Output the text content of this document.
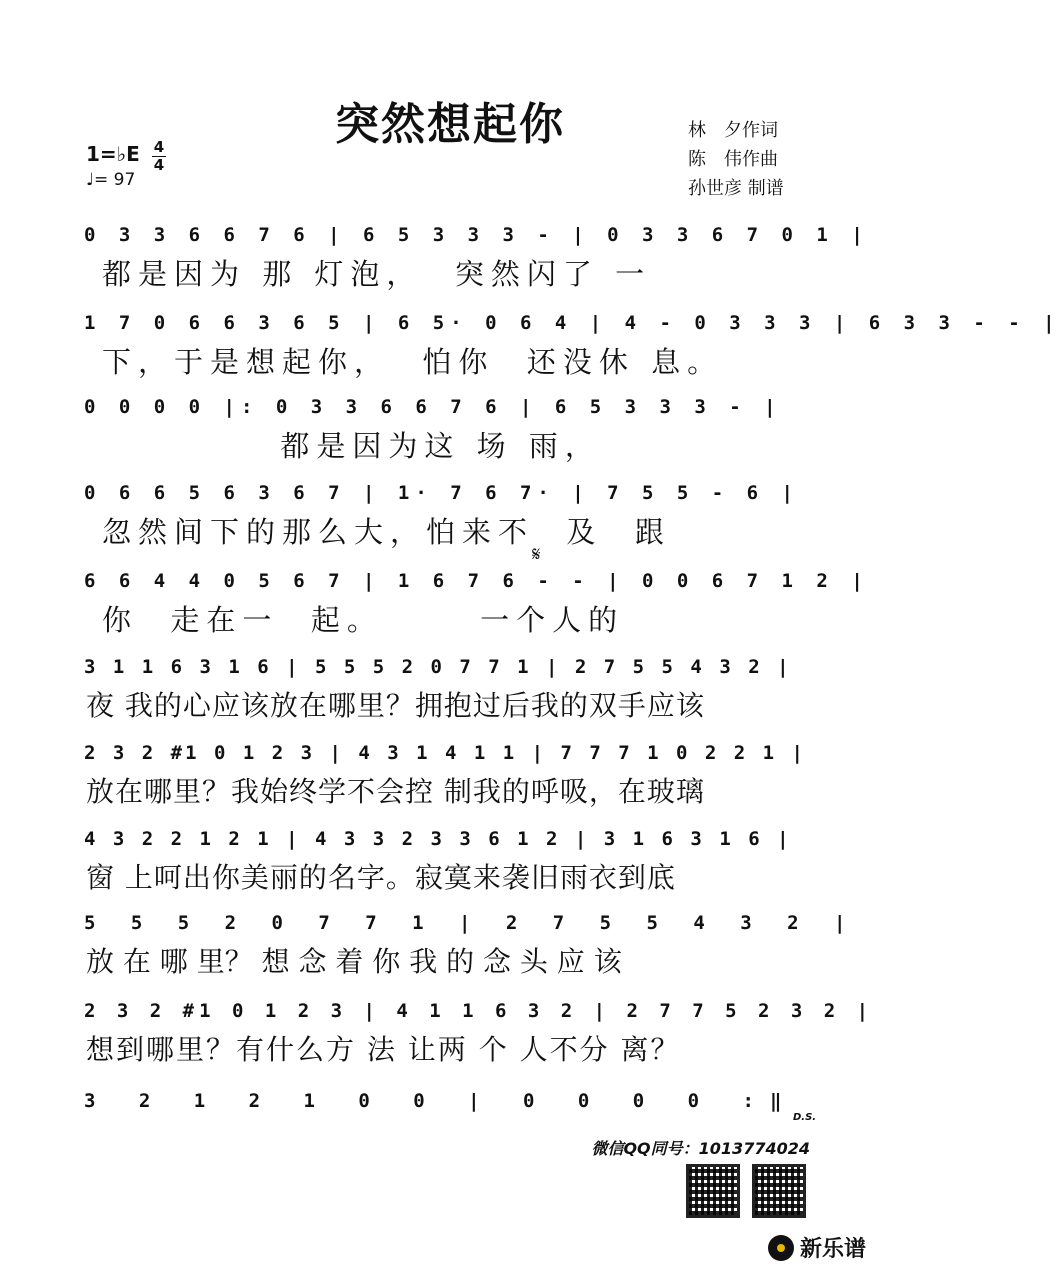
突然想起你	林　夕作词
陈　伟作曲
孙世彦 制谱
1=♭E 4
4
♩= 97
0 3 3 6 6 7 6 | 6 5 3 3 3 - | 0 3 3 6 7 0 1 |
都是因为 那 灯泡，  突然闪了 一
1 7 0 6 6 3 6 5 | 6 5· 0 6 4 | 4 - 0 3 3 3 | 6 3 3 - - |
下，于是想起你，  怕你  还没休 息。
0 0 0 0 |: 0 3 3 6 6 7 6 | 6 5 3 3 3 - |
都是因为这 场 雨，
0 6 6 5 6 3 6 7 | 1· 7 6 7· | 7 5 5 - 6 |
忽然间下的那么大，怕来不  及  跟
𝄋
6 6 4 4 0 5 6 7 | 1 6 7 6 - - | 0 0 6 7 1 2 |
你  走在一  起。      一个人的
3 1 1 6 3 1 6 | 5 5 5 2 0 7 7 1 | 2 7 5 5 4 3 2 |
夜 我的心应该放在哪里？拥抱过后我的双手应该
2 3 2 #1 0 1 2 3 | 4 3 1 4 1 1 | 7 7 7 1 0 2 2 1 |
放在哪里？我始终学不会控 制我的呼吸，在玻璃
4 3 2 2 1 2 1 | 4 3 3 2 3 3 6 1 2 | 3 1 6 3 1 6 |
窗 上呵出你美丽的名字。寂寞来袭旧雨衣到底
5 5 5 2 0 7 7 1 | 2 7 5 5 4 3 2 |
放 在 哪 里？ 想 念 着 你 我 的 念 头 应 该
2 3 2 #1 0 1 2 3 | 4 1 1 6 3 2 | 2 7 7 5 2 3 2 |
想到哪里？有什么方 法 让两 个 人不分 离？
3 2 1 2 1 0 0 | 0 0 0 0 :‖
D.S.
微信QQ同号：1013774024
新乐谱
